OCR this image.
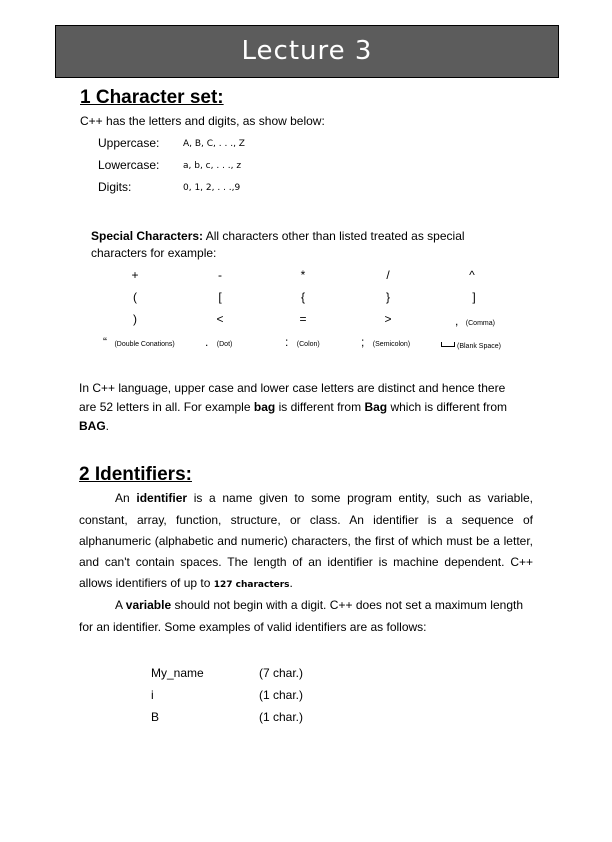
Lecture 3
1 Character set:
C++ has the letters and digits, as show below:
Uppercase:	A, B, C, . . ., Z
Lowercase:	a, b, c, . . ., z
Digits:	0, 1, 2, . . .,9
Special Characters: All characters other than listed treated as special
characters for example:
+	-	*	/	^
(	[	{	}	]
)	<	=	>	, (Comma)
“ (Double Conations)	. (Dot)	: (Colon)	; (Semicolon)	(Blank Space)
In C++ language, upper case and lower case letters are distinct and hence there
are 52 letters in all. For example bag is different from Bag which is different from
BAG.
2 Identifiers:
An identifier is a name given to some program entity, such as variable,
constant, array, function, structure, or class. An identifier is a sequence of
alphanumeric (alphabetic and numeric) characters, the first of which must be a letter,
and can't contain spaces. The length of an identifier is machine dependent. C++
allows identifiers of up to 127 characters.
A variable should not begin with a digit. C++ does not set a maximum length
for an identifier. Some examples of valid identifiers are as follows:
My_name	(7 char.)
i	(1 char.)
B	(1 char.)
